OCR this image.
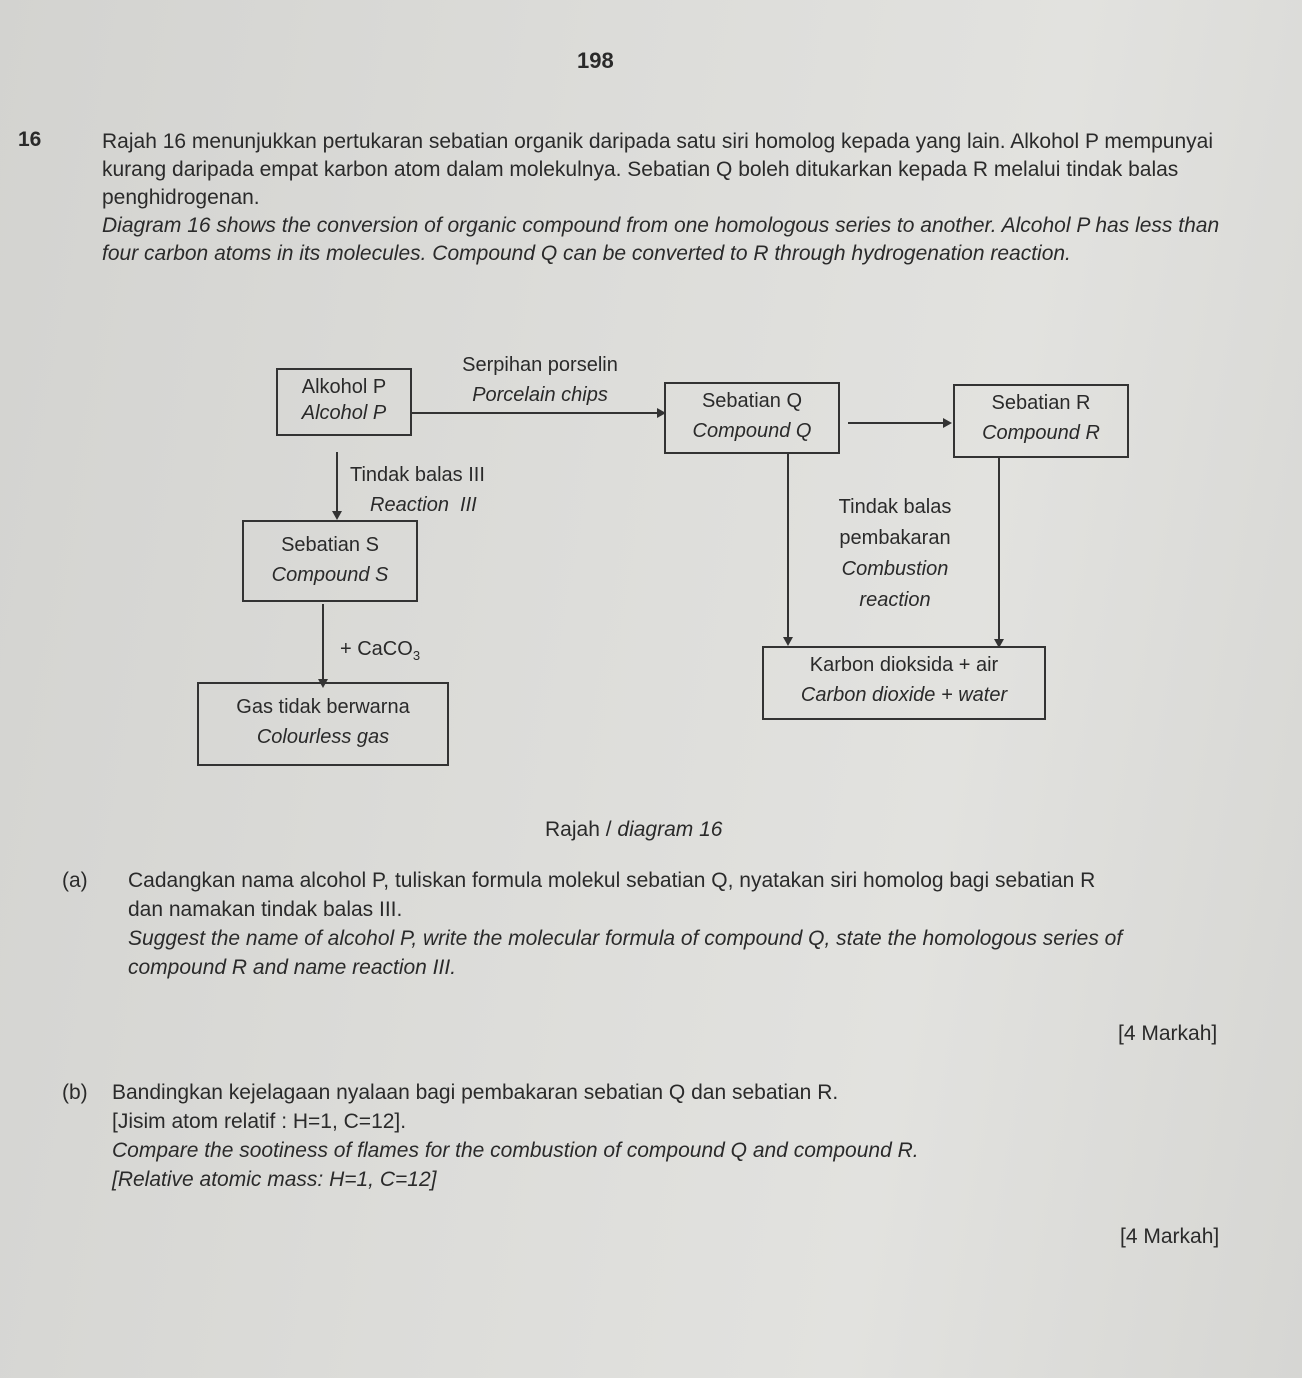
198
16	Rajah 16 menunjukkan pertukaran sebatian organik daripada satu siri homolog kepada yang lain. Alkohol P mempunyai kurang daripada empat karbon atom dalam molekulnya. Sebatian Q boleh ditukarkan kepada R melalui tindak balas penghidrogenan.
Diagram 16 shows the conversion of organic compound from one homologous series to another. Alcohol P has less than four carbon atoms in its molecules. Compound Q can be converted to R through hydrogenation reaction.
Serpihan porselin
Porcelain chips
Alkohol P
Alcohol P
Sebatian Q
Compound Q
Sebatian R
Compound R
Tindak balas III
Reaction  III
Sebatian S
Compound S
+ CaCO$_3$
Gas tidak berwarna
Colourless gas
Tindak balas
pembakaran
Combustion
reaction
Karbon dioksida + air
Carbon dioxide + water
Rajah / diagram 16
(a) Cadangkan nama alcohol P, tuliskan formula molekul sebatian Q, nyatakan siri homolog bagi sebatian R dan namakan tindak balas III.
Suggest the name of alcohol P, write the molecular formula of compound Q, state the homologous series of compound R and name reaction III.
[4 Markah]
(b) Bandingkan kejelagaan nyalaan bagi pembakaran sebatian Q dan sebatian R.
[Jisim atom relatif : H=1, C=12].
Compare the sootiness of flames for the combustion of compound Q and compound R.
[Relative atomic mass: H=1, C=12]
[4 Markah]
